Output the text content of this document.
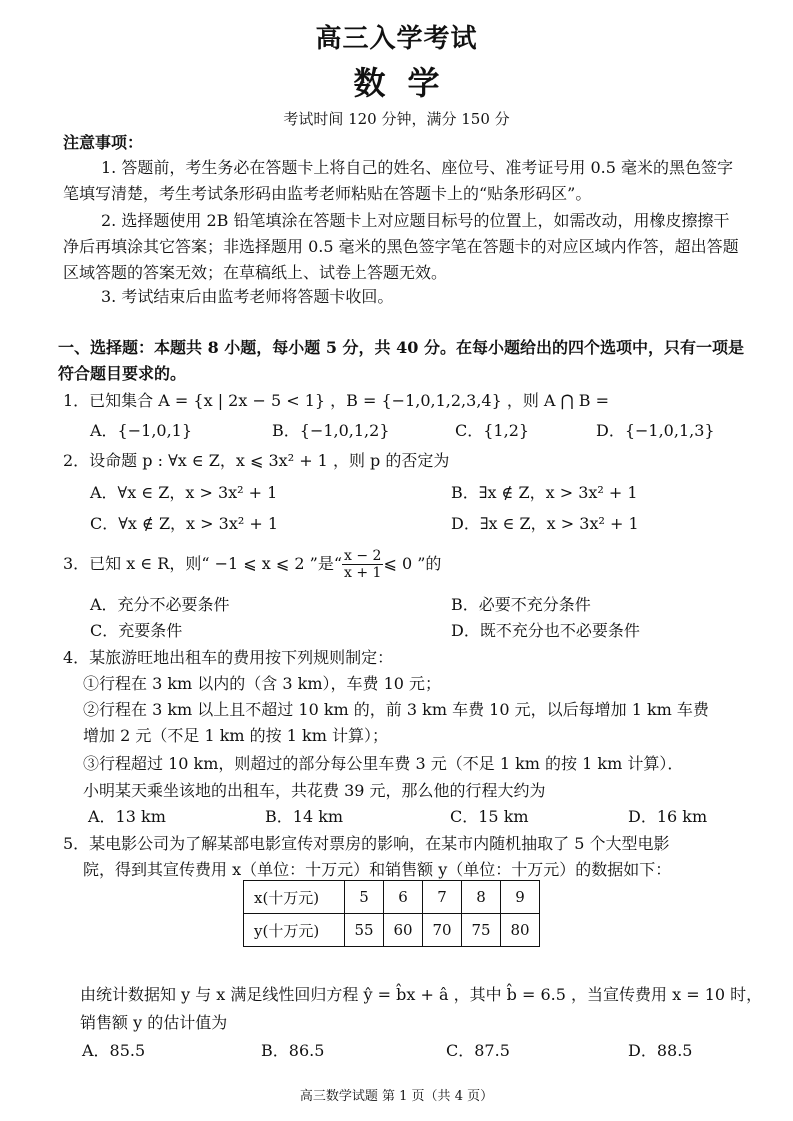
高三入学考试
数学
考试时间 120 分钟，满分 150 分
注意事项：
1. 答题前，考生务必在答题卡上将自己的姓名、座位号、准考证号用 0.5 毫米的黑色签字笔填写清楚，考生考试条形码由监考老师粘贴在答题卡上的“贴条形码区”。
2. 选择题使用 2B 铅笔填涂在答题卡上对应题目标号的位置上，如需改动，用橡皮擦擦干净后再填涂其它答案；非选择题用 0.5 毫米的黑色签字笔在答题卡的对应区域内作答，超出答题区域答题的答案无效；在草稿纸上、试卷上答题无效。
3. 考试结束后由监考老师将答题卡收回。
一、选择题：本题共 8 小题，每小题 5 分，共 40 分。在每小题给出的四个选项中，只有一项是符合题目要求的。
1．已知集合 A = {x | 2x − 5 < 1} ，B = {−1,0,1,2,3,4} ，则 A ⋂ B =
A．{−1,0,1}	B．{−1,0,1,2}	C．{1,2}	D．{−1,0,1,3}
2．设命题 p : ∀x ∈ Z，x ⩽ 3x² + 1 ，则 p 的否定为
A．∀x ∈ Z，x > 3x² + 1	B．∃x ∉ Z，x > 3x² + 1
C．∀x ∉ Z，x > 3x² + 1	D．∃x ∈ Z，x > 3x² + 1
3．已知 x ∈ R，则“ −1 ⩽ x ⩽ 2 ”是“ $\frac{x - 2}{x + 1}$ ⩽ 0 ”的
A．充分不必要条件	B．必要不充分条件
C．充要条件	D．既不充分也不必要条件
4．某旅游旺地出租车的费用按下列规则制定：
①行程在 3 km 以内的（含 3 km），车费 10 元；
②行程在 3 km 以上且不超过 10 km 的，前 3 km 车费 10 元，以后每增加 1 km 车费
增加 2 元（不足 1 km 的按 1 km 计算）；
③行程超过 10 km，则超过的部分每公里车费 3 元（不足 1 km 的按 1 km 计算）．
小明某天乘坐该地的出租车，共花费 39 元，那么他的行程大约为
A．13 km	B．14 km	C．15 km	D．16 km
5．某电影公司为了解某部电影宣传对票房的影响，在某市内随机抽取了 5 个大型电影
院，得到其宣传费用 x（单位：十万元）和销售额 y（单位：十万元）的数据如下：
x(十万元)	5	6	7	8	9
y(十万元)	55	60	70	75	80
由统计数据知 y 与 x 满足线性回归方程 ŷ = b̂x + â ，其中 b̂ = 6.5 ，当宣传费用 x = 10 时，
销售额 y 的估计值为
A．85.5	B．86.5	C．87.5	D．88.5
高三数学试题 第 1 页（共 4 页）
